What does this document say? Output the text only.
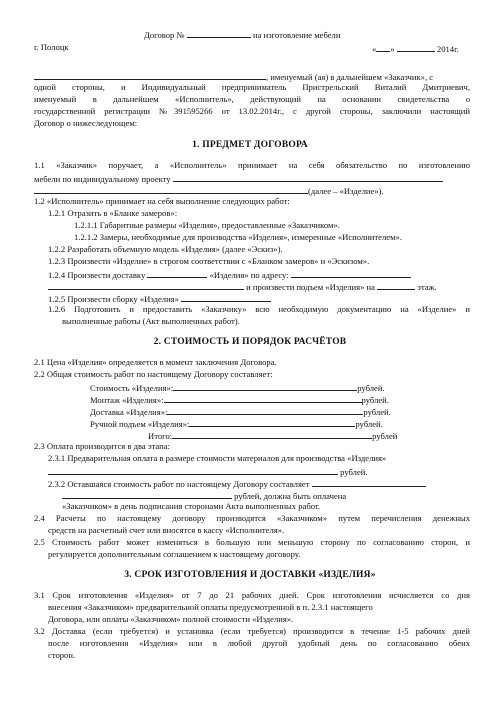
Договор №	на изготовление мебели
г. Полоцк	« »	2014г.
, именуемый (ая) в дальнейшем «Заказчик», с
одной стороны, и Индивидуальный предприниматель Пристрельский Виталий Дмитриевич,
именуемый в дальнейшем «Исполнитель», действующий на основании свидетельства о
государственной регистрации №391595266 от 13.02.2014г., с другой стороны, заключили настоящий
Договор о нижеследующем:
1. ПРЕДМЕТ ДОГОВОРА
1.1 «Заказчик» поручает, а «Исполнитель» принимает на себя обязательство по изготовлению
мебели по индивидуальному проекту
(далее – «Изделие»).
1.2 «Исполнитель» принимает на себя выполнение следующих работ:
1.2.1 Отразить в «Бланке замеров»:
1.2.1.1 Габаритные размеры «Изделия», предоставленные «Заказчиком».
1.2.1.2 Замеры, необходимые для производства «Изделия», измеренные «Исполнителем».
1.2.2 Разработать объемную модель «Изделия» (далее «Эскиз»).
1.2.3 Произвести «Изделие» в строгом соответствии с «Бланком замеров» и «Эскизом».
1.2.4 Произвести доставку	«Изделия» по адресу:
и произвести подъем «Изделия» на	этаж.
1.2.5 Произвести сборку «Изделия»
1.2.6 Подготовить и предоставить «Заказчику» всю необходимую документацию на «Изделие» и
выполненные работы (Акт выполненных работ).
2. СТОИМОСТЬ И ПОРЯДОК РАСЧЁТОВ
2.1 Цена «Изделия» определяется в момент заключения Договора.
2.2 Общая стоимость работ по настоящему Договору составляет:
Стоимость «Изделия»:	рублей.
Монтаж «Изделия»:	рублей.
Доставка «Изделия»:	рублей.
Ручной подъем «Изделия»:	рублей.
Итого:	рублей
2.3 Оплата производится в два этапа:
2.3.1 Предварительная оплата в размере стоимости материалов для производства «Изделия»
рублей.
2.3.2 Оставшаяся стоимость работ по настоящему Договору составляет
рублей, должна быть оплачена
«Заказчиком» в день подписания сторонами Акта выполненных работ.
2.4 Расчеты по настоящему договору производятся «Заказчиком» путем перечисления денежных
средств на расчетный счет или вносятся в кассу «Исполнителя».
2.5 Стоимость работ может изменяться в большую или меньшую сторону по согласованию сторон, и
регулируется дополнительным соглашением к настоящему договору.
3. СРОК ИЗГОТОВЛЕНИЯ И ДОСТАВКИ «ИЗДЕЛИЯ»
3.1 Срок изготовления «Изделия» от 7 до 21 рабочих дней. Срок изготовления исчисляется со дня
внесения «Заказчиком» предварительной оплаты предусмотренной в п. 2.3.1 настоящего
Договора, или оплаты «Заказчиком» полной стоимости «Изделия».
3.2 Доставка (если требуется) и установка (если требуется) производится в течение 1-5 рабочих дней
после изготовления «Изделия» или в любой другой удобный день по согласованию обеих
сторон.
